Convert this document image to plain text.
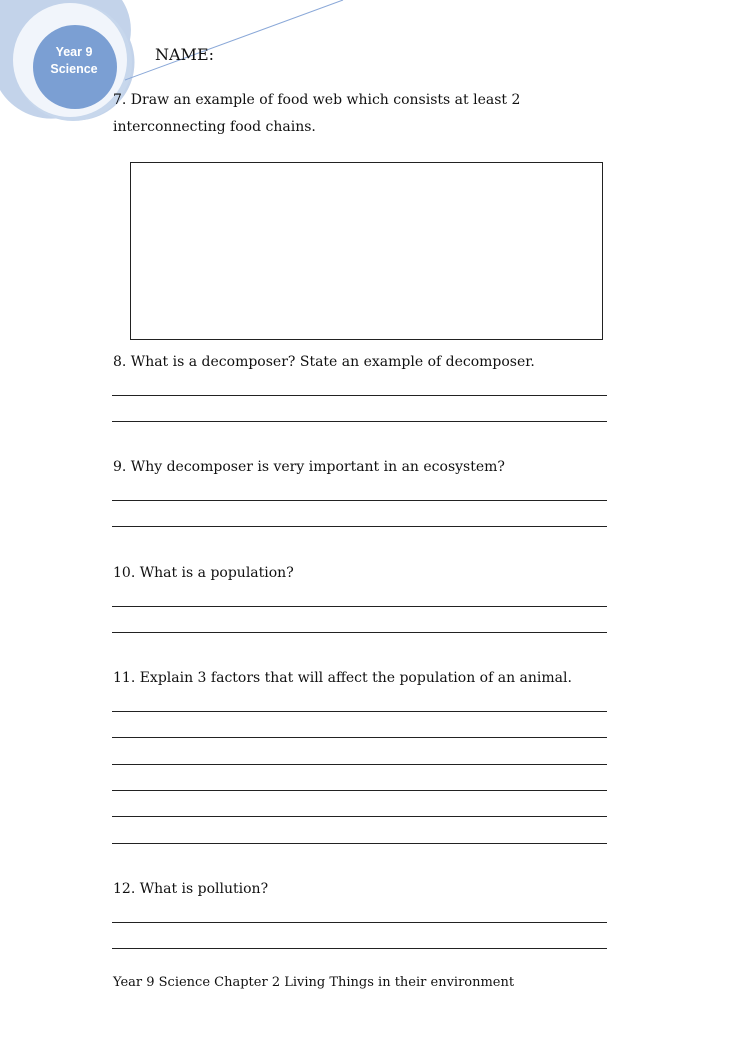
Year 9
Science
NAME:
7. Draw an example of food web which consists at least 2 interconnecting food chains.
8. What is a decomposer? State an example of decomposer.
9. Why decomposer is very important in an ecosystem?
10. What is a population?
11. Explain 3 factors that will affect the population of an animal.
12. What is pollution?
Year 9 Science Chapter 2 Living Things in their environment
